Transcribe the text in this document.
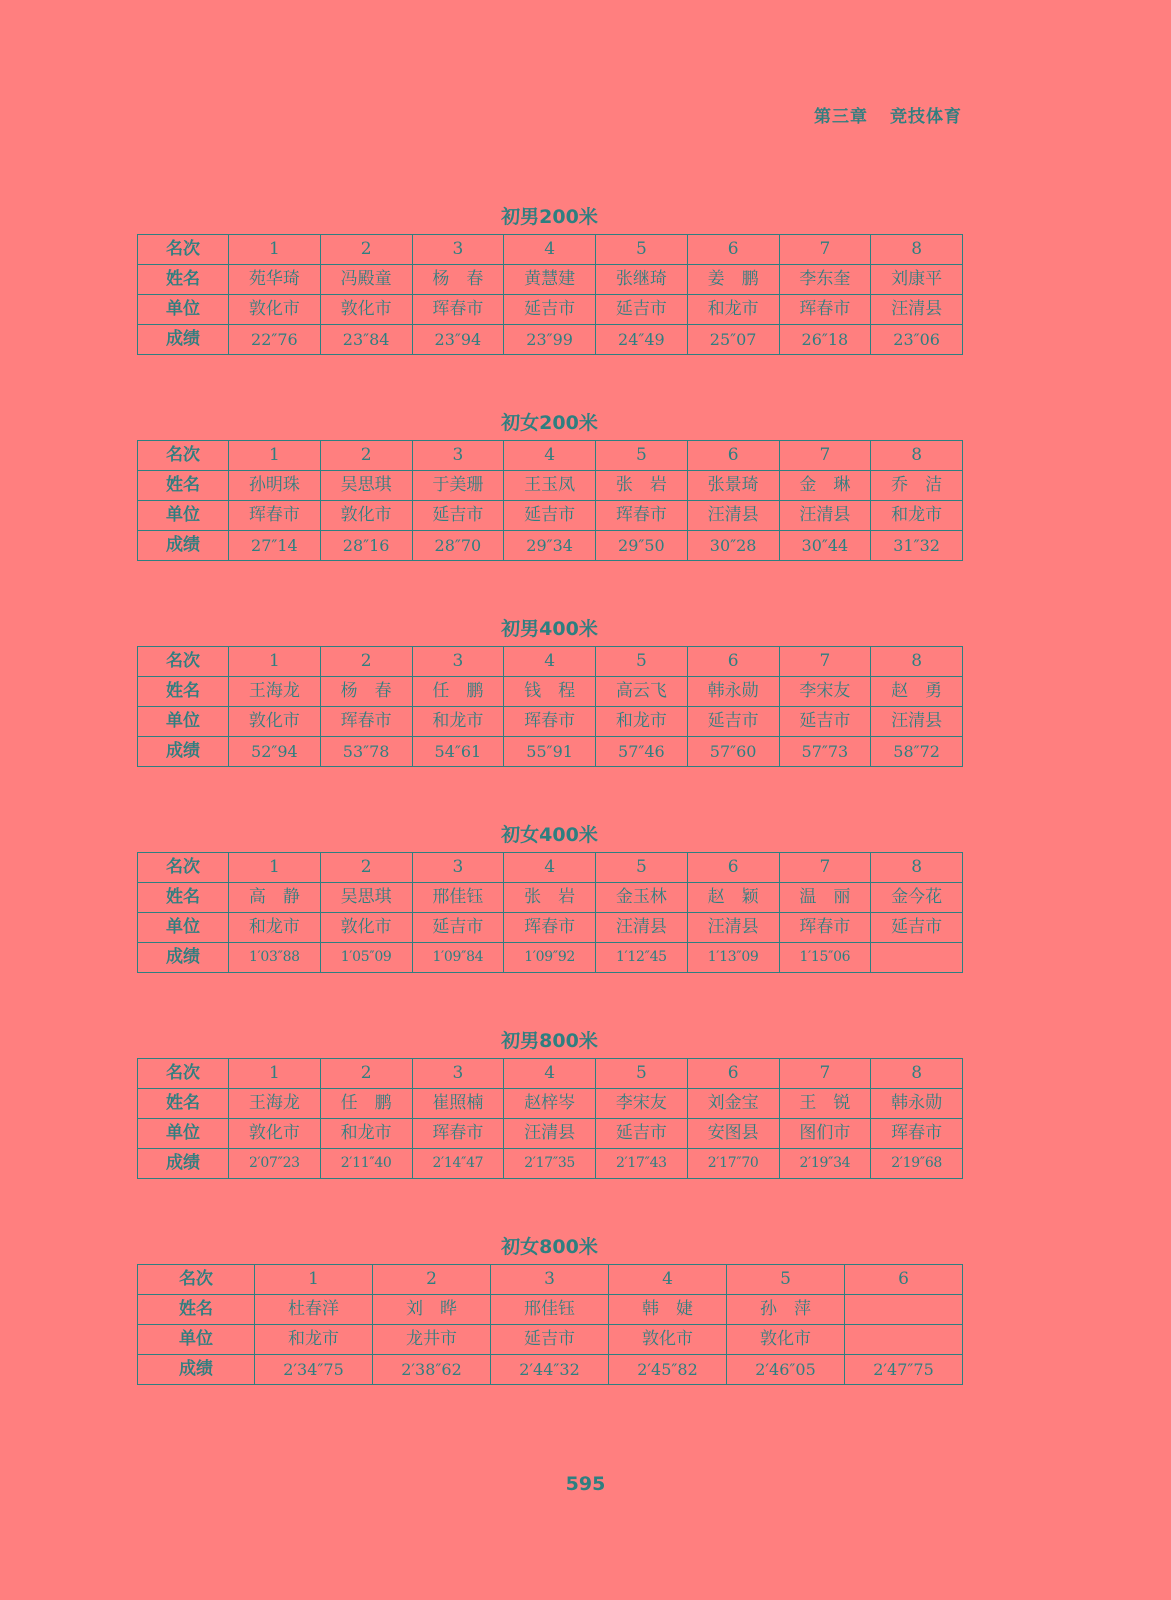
第三章 竞技体育
初男200米
名次	1	2	3	4	5	6	7	8
姓名	苑华琦	冯殿童	杨　春	黄慧建	张继琦	姜　鹏	李东奎	刘康平
单位	敦化市	敦化市	珲春市	延吉市	延吉市	和龙市	珲春市	汪清县
成绩	22″76	23″84	23″94	23″99	24″49	25″07	26″18	23″06
初女200米
名次	1	2	3	4	5	6	7	8
姓名	孙明珠	吴思琪	于美珊	王玉凤	张　岩	张景琦	金　琳	乔　洁
单位	珲春市	敦化市	延吉市	延吉市	珲春市	汪清县	汪清县	和龙市
成绩	27″14	28″16	28″70	29″34	29″50	30″28	30″44	31″32
初男400米
名次	1	2	3	4	5	6	7	8
姓名	王海龙	杨　春	任　鹏	钱　程	高云飞	韩永勋	李宋友	赵　勇
单位	敦化市	珲春市	和龙市	珲春市	和龙市	延吉市	延吉市	汪清县
成绩	52″94	53″78	54″61	55″91	57″46	57″60	57″73	58″72
初女400米
名次	1	2	3	4	5	6	7	8
姓名	高　静	吴思琪	邢佳钰	张　岩	金玉林	赵　颖	温　丽	金今花
单位	和龙市	敦化市	延吉市	珲春市	汪清县	汪清县	珲春市	延吉市
成绩	1′03″88	1′05″09	1′09″84	1′09″92	1′12″45	1′13″09	1′15″06	
初男800米
名次	1	2	3	4	5	6	7	8
姓名	王海龙	任　鹏	崔照楠	赵梓岑	李宋友	刘金宝	王　锐	韩永勋
单位	敦化市	和龙市	珲春市	汪清县	延吉市	安图县	图们市	珲春市
成绩	2′07″23	2′11″40	2′14″47	2′17″35	2′17″43	2′17″70	2′19″34	2′19″68
初女800米
名次	1	2	3	4	5	6
姓名	杜春洋	刘　晔	邢佳钰	韩　婕	孙　萍	
单位	和龙市	龙井市	延吉市	敦化市	敦化市	
成绩	2′34″75	2′38″62	2′44″32	2′45″82	2′46″05	2′47″75
595
